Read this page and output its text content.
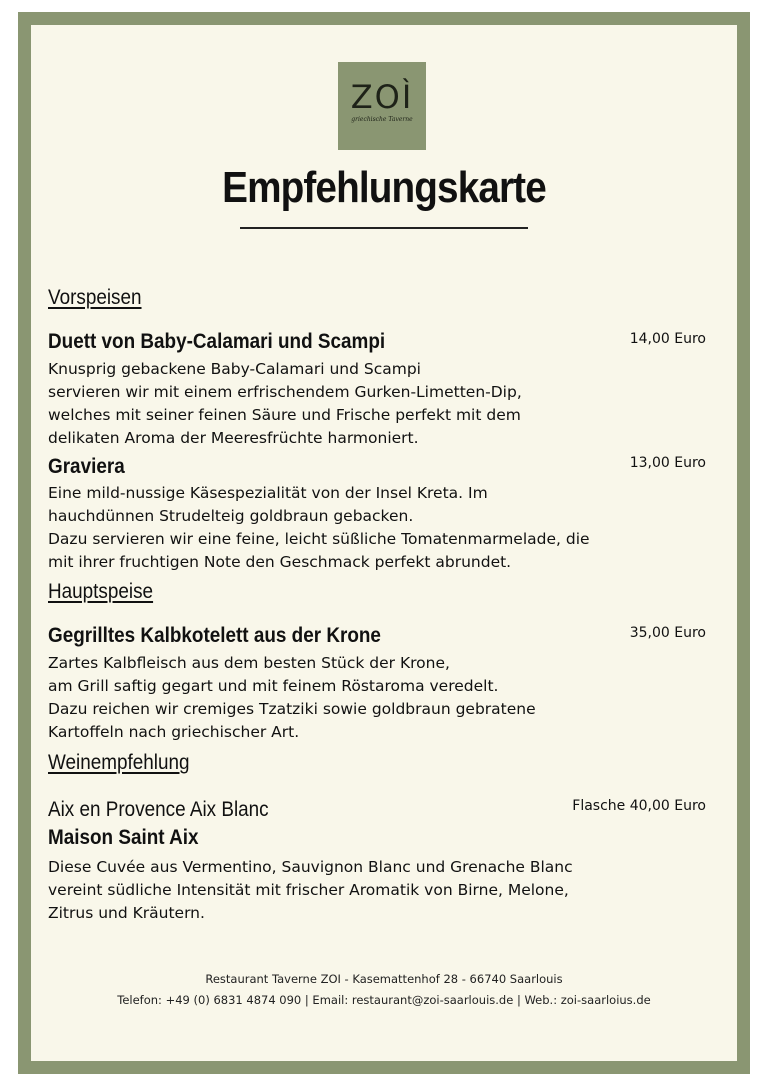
ZOÌ
griechische Taverne
Empfehlungskarte
Vorspeisen
Duett von Baby-Calamari und Scampi	14,00 Euro
Knusprig gebackene Baby-Calamari und Scampi
servieren wir mit einem erfrischendem Gurken-Limetten-Dip,
welches mit seiner feinen Säure und Frische perfekt mit dem
delikaten Aroma der Meeresfrüchte harmoniert.
Graviera	13,00 Euro
Eine mild-nussige Käsespezialität von der Insel Kreta. Im
hauchdünnen Strudelteig goldbraun gebacken.
Dazu servieren wir eine feine, leicht süßliche Tomatenmarmelade, die
mit ihrer fruchtigen Note den Geschmack perfekt abrundet.
Hauptspeise
Gegrilltes Kalbkotelett aus der Krone	35,00 Euro
Zartes Kalbfleisch aus dem besten Stück der Krone,
am Grill saftig gegart und mit feinem Röstaroma veredelt.
Dazu reichen wir cremiges Tzatziki sowie goldbraun gebratene
Kartoffeln nach griechischer Art.
Weinempfehlung
Aix en Provence Aix Blanc	Flasche 40,00 Euro
Maison Saint Aix
Diese Cuvée aus Vermentino, Sauvignon Blanc und Grenache Blanc
vereint südliche Intensität mit frischer Aromatik von Birne, Melone,
Zitrus und Kräutern.
Restaurant Taverne ZOI - Kasemattenhof 28 - 66740 Saarlouis
Telefon: +49 (0) 6831 4874 090 | Email: restaurant@zoi-saarlouis.de | Web.: zoi-saarloius.de
